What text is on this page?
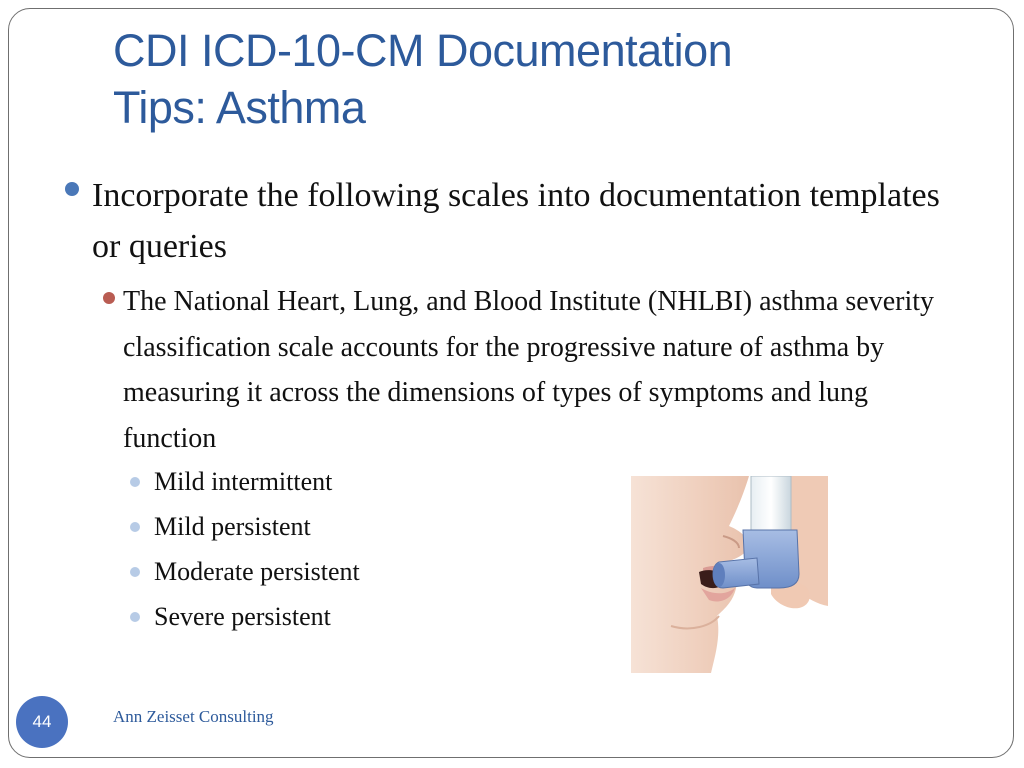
CDI ICD-10-CM Documentation
Tips: Asthma
Incorporate the following scales into documentation templates or queries
The National Heart, Lung, and Blood Institute (NHLBI) asthma severity classification scale accounts for the progressive nature of asthma by measuring it across the dimensions of types of symptoms and lung function
Mild intermittent
Mild persistent
Moderate persistent
Severe persistent
44	Ann Zeisset Consulting
